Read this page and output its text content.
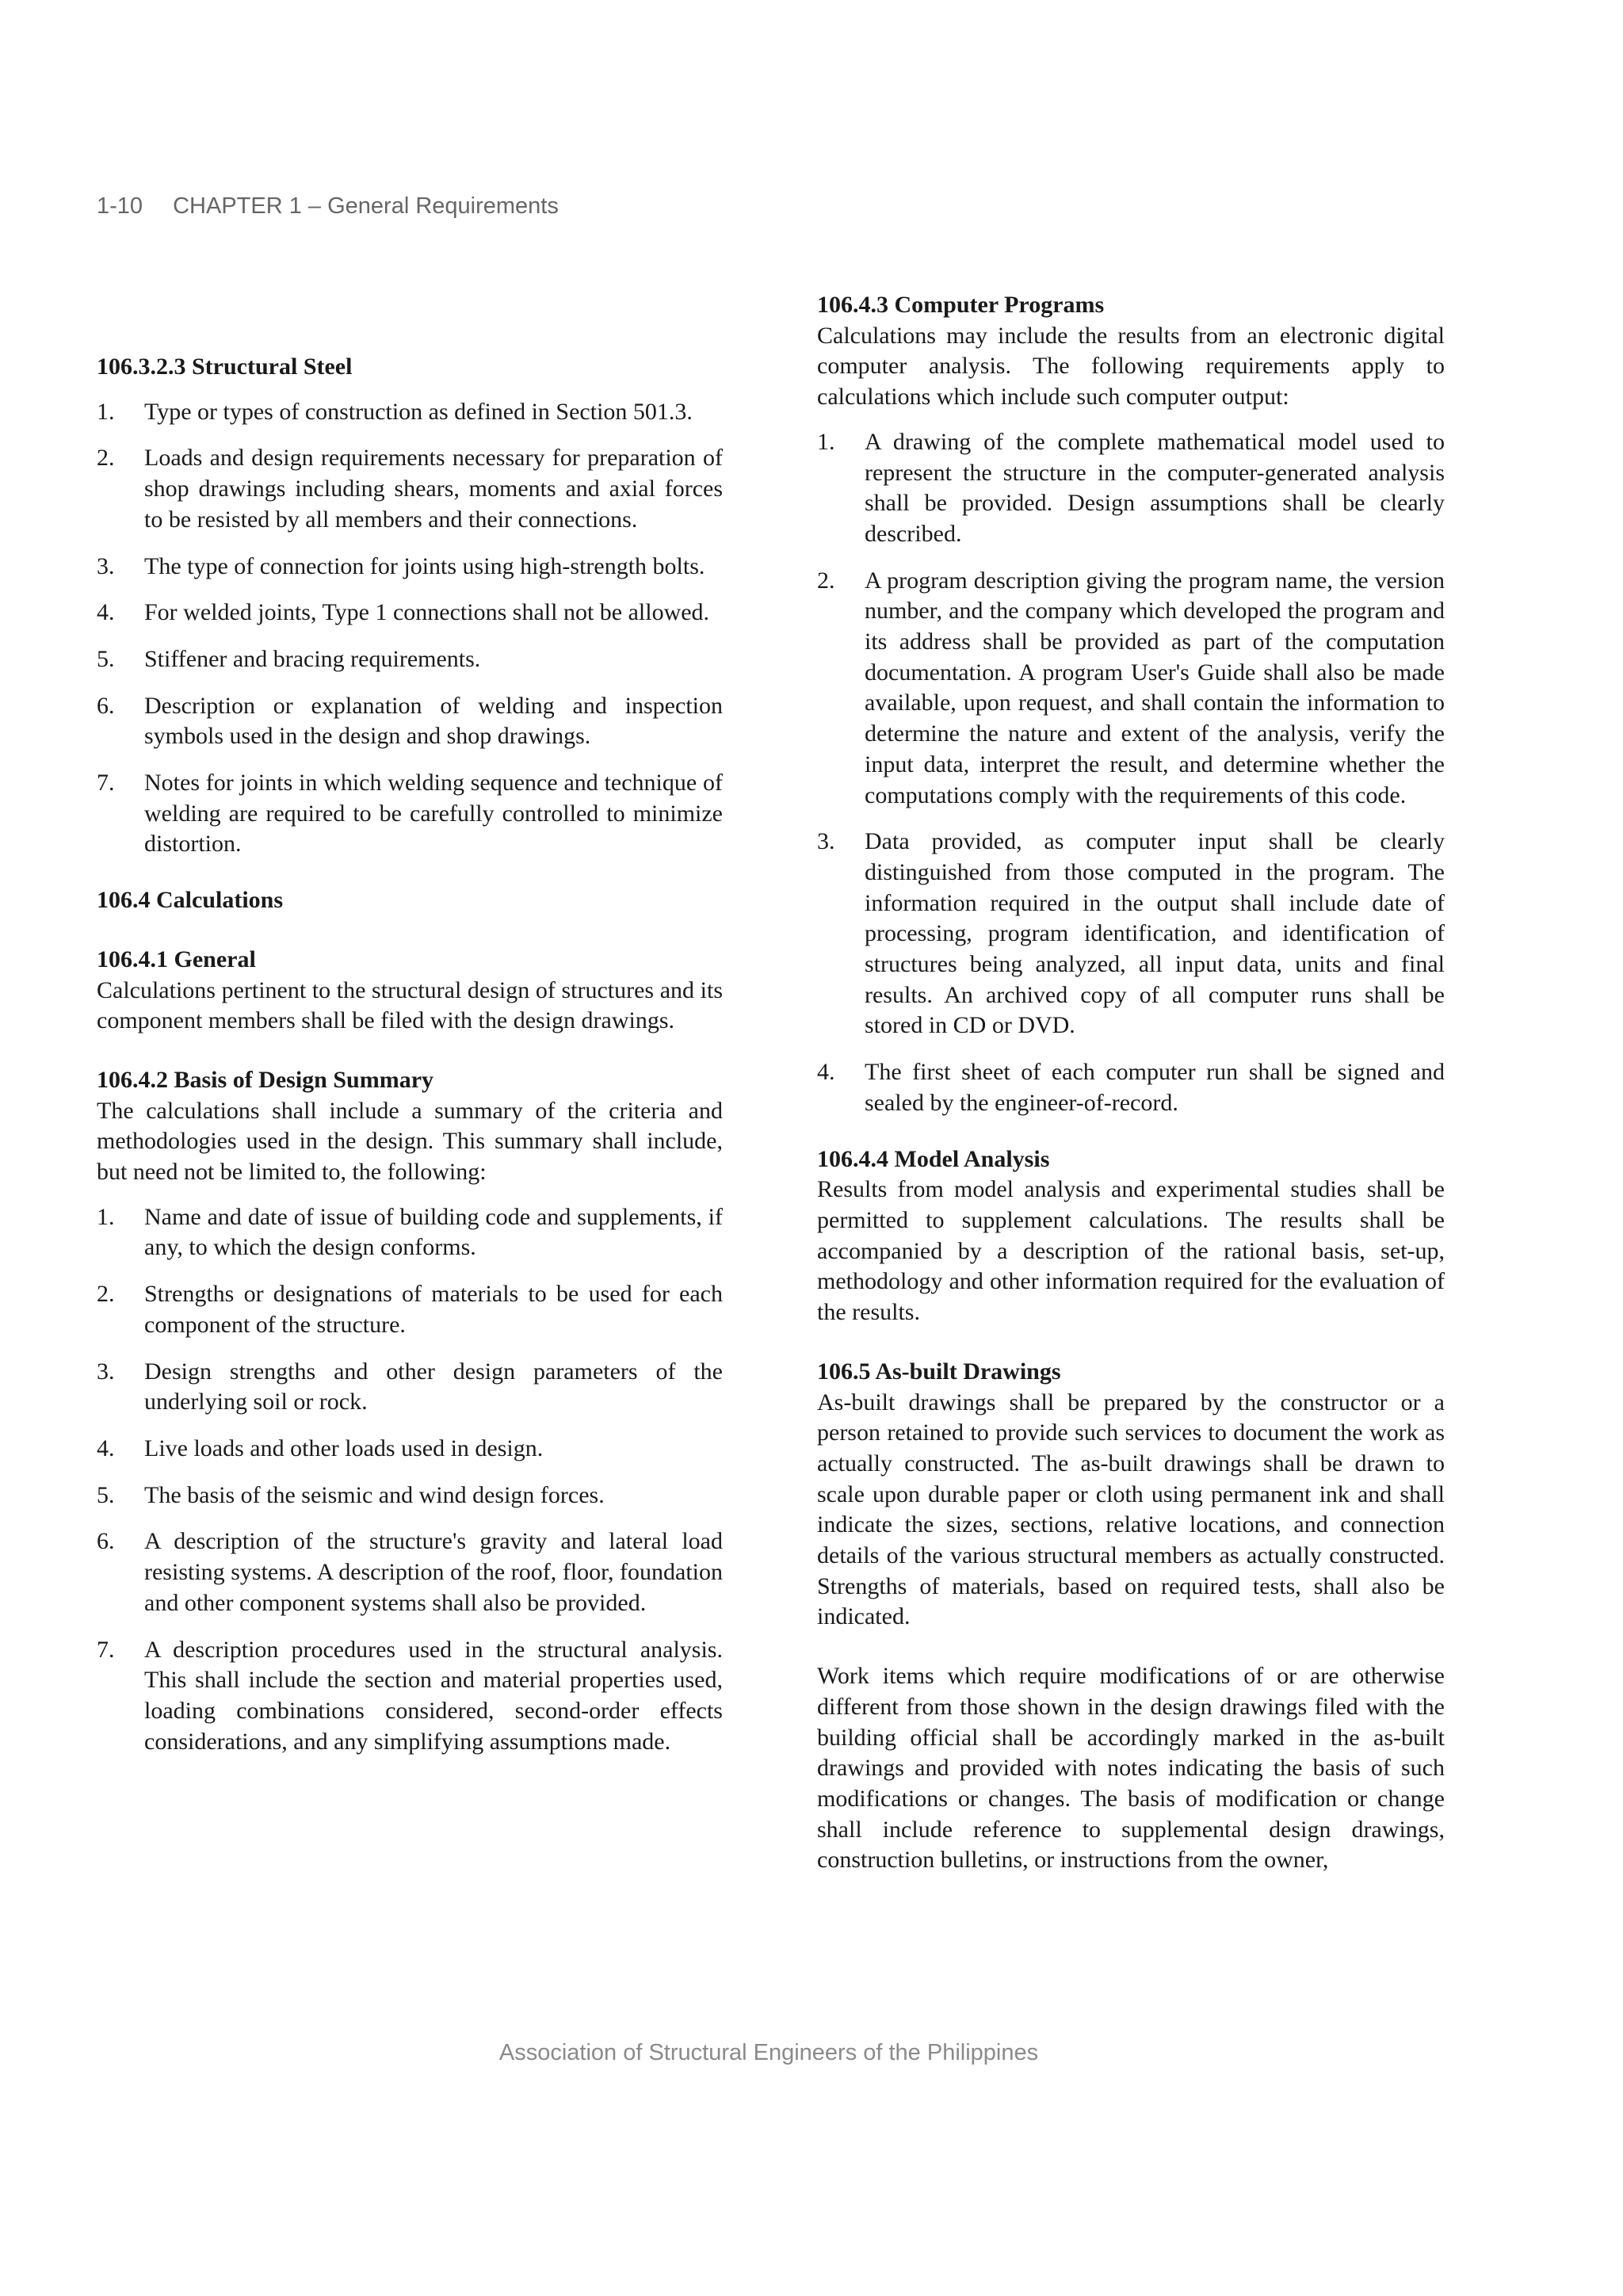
1-10 CHAPTER 1 – General Requirements
106.3.2.3 Structural Steel
1. Type or types of construction as defined in Section 501.3.
2. Loads and design requirements necessary for preparation of shop drawings including shears, moments and axial forces to be resisted by all members and their connections.
3. The type of connection for joints using high-strength bolts.
4. For welded joints, Type 1 connections shall not be allowed.
5. Stiffener and bracing requirements.
6. Description or explanation of welding and inspection symbols used in the design and shop drawings.
7. Notes for joints in which welding sequence and technique of welding are required to be carefully controlled to minimize distortion.
106.4 Calculations
106.4.1 General

Calculations pertinent to the structural design of structures and its component members shall be filed with the design drawings.

106.4.2 Basis of Design Summary

The calculations shall include a summary of the criteria and methodologies used in the design. This summary shall include, but need not be limited to, the following:

1. Name and date of issue of building code and supplements, if any, to which the design conforms.
2. Strengths or designations of materials to be used for each component of the structure.
3. Design strengths and other design parameters of the underlying soil or rock.
4. Live loads and other loads used in design.
5. The basis of the seismic and wind design forces.
6. A description of the structure's gravity and lateral load resisting systems. A description of the roof, floor, foundation and other component systems shall also be provided.
7. A description procedures used in the structural analysis. This shall include the section and material properties used, loading combinations considered, second-order effects considerations, and any simplifying assumptions made.
106.4.3 Computer Programs

Calculations may include the results from an electronic digital computer analysis. The following requirements apply to calculations which include such computer output:

1. A drawing of the complete mathematical model used to represent the structure in the computer-generated analysis shall be provided. Design assumptions shall be clearly described.
2. A program description giving the program name, the version number, and the company which developed the program and its address shall be provided as part of the computation documentation. A program User's Guide shall also be made available, upon request, and shall contain the information to determine the nature and extent of the analysis, verify the input data, interpret the result, and determine whether the computations comply with the requirements of this code.
3. Data provided, as computer input shall be clearly distinguished from those computed in the program. The information required in the output shall include date of processing, program identification, and identification of structures being analyzed, all input data, units and final results. An archived copy of all computer runs shall be stored in CD or DVD.
4. The first sheet of each computer run shall be signed and sealed by the engineer-of-record.
106.4.4 Model Analysis

Results from model analysis and experimental studies shall be permitted to supplement calculations. The results shall be accompanied by a description of the rational basis, set-up, methodology and other information required for the evaluation of the results.

106.5 As-built Drawings

As-built drawings shall be prepared by the constructor or a person retained to provide such services to document the work as actually constructed. The as-built drawings shall be drawn to scale upon durable paper or cloth using permanent ink and shall indicate the sizes, sections, relative locations, and connection details of the various structural members as actually constructed. Strengths of materials, based on required tests, shall also be indicated.

Work items which require modifications of or are otherwise different from those shown in the design drawings filed with the building official shall be accordingly marked in the as-built drawings and provided with notes indicating the basis of such modifications or changes. The basis of modification or change shall include reference to supplemental design drawings, construction bulletins, or instructions from the owner,

Association of Structural Engineers of the Philippines
